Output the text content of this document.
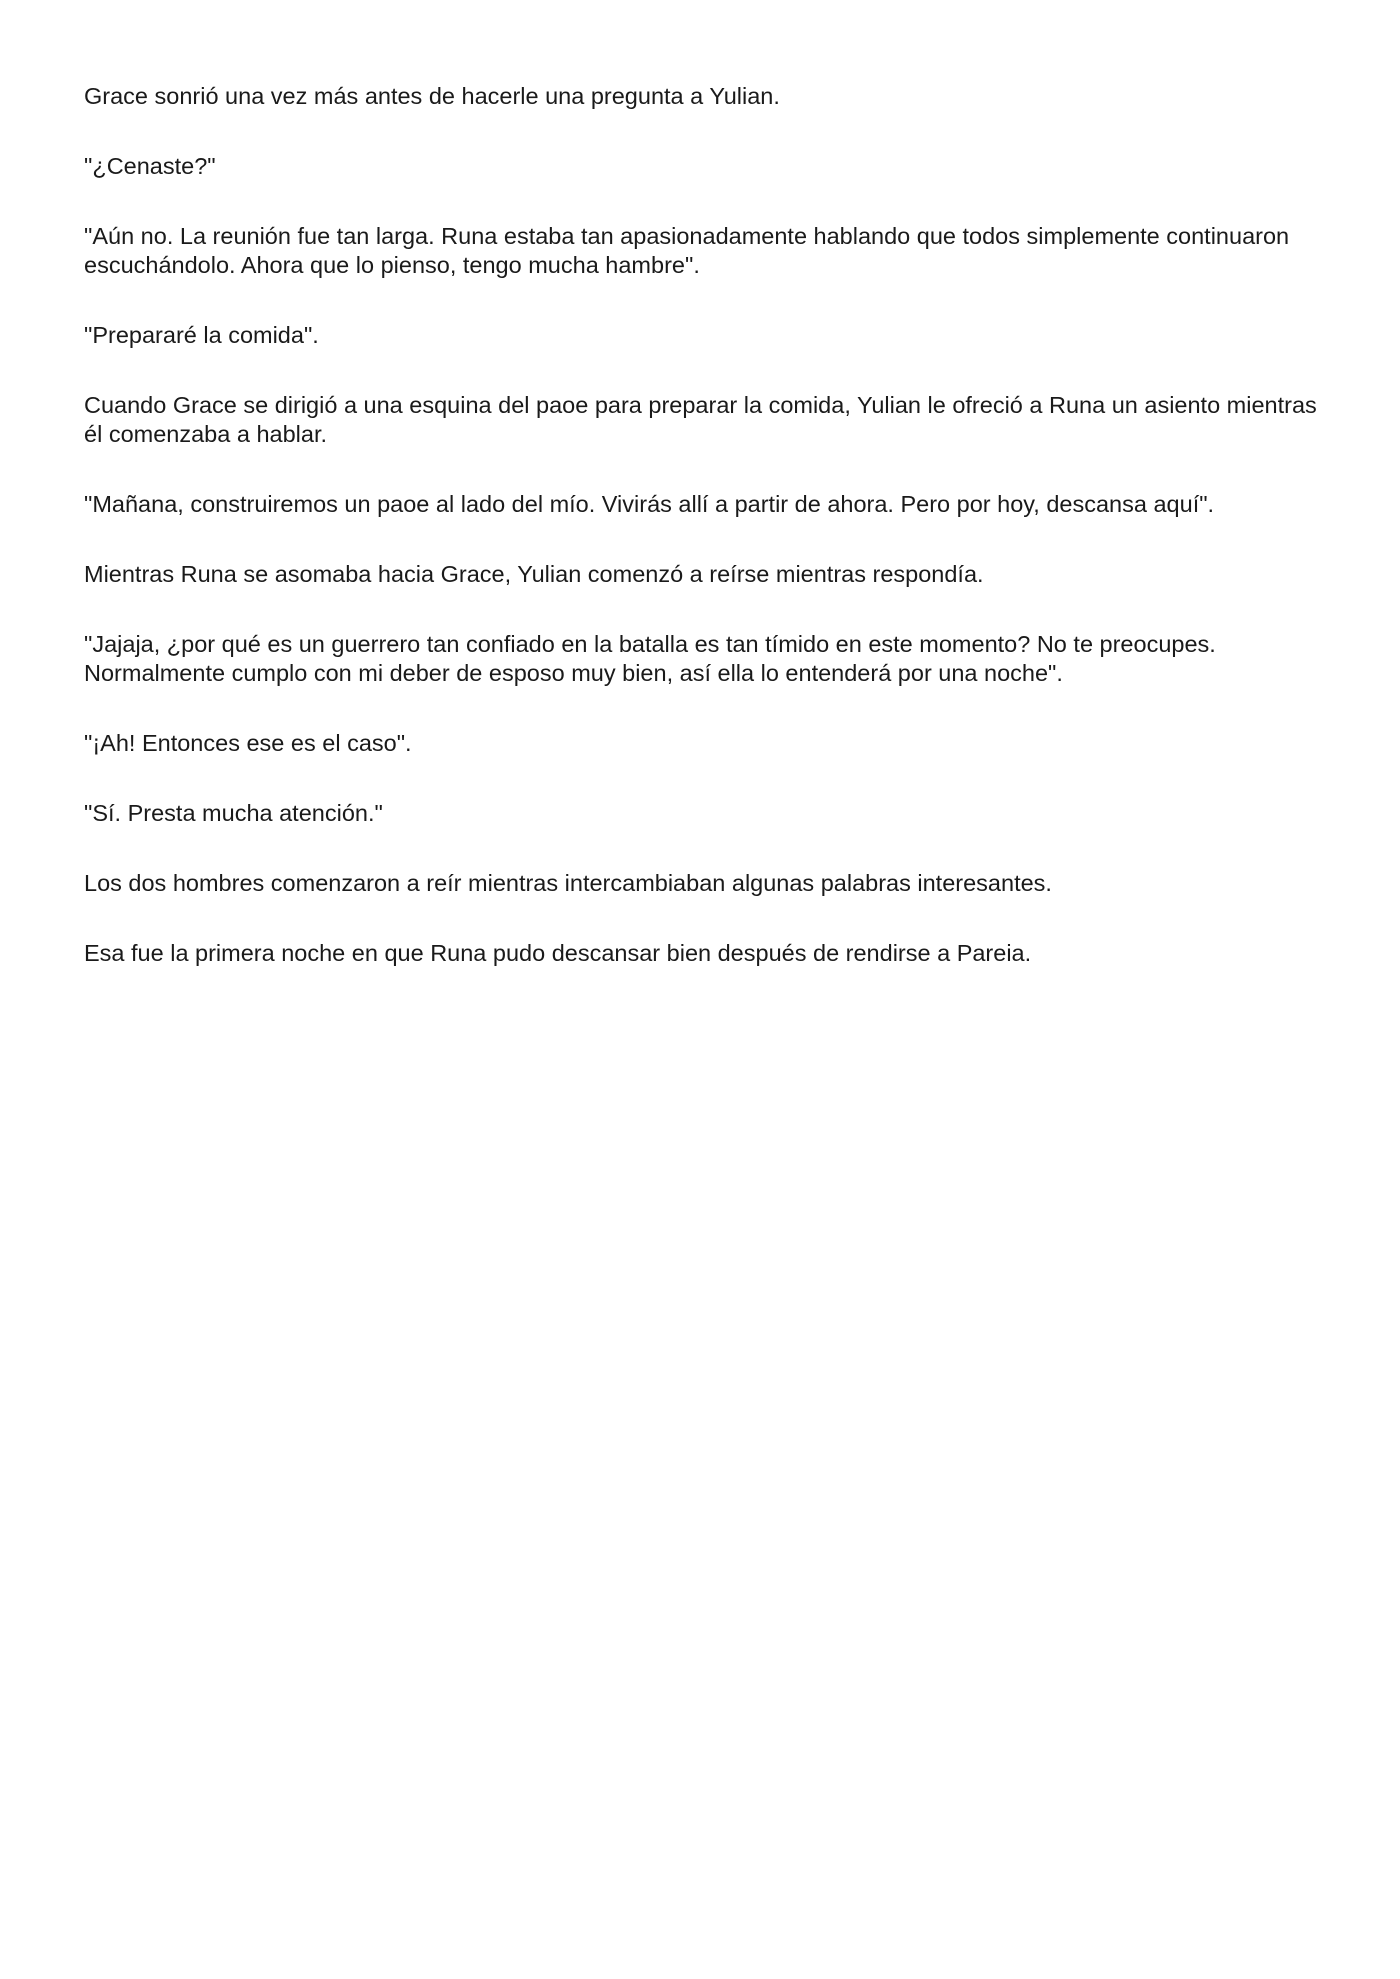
Grace sonrió una vez más antes de hacerle una pregunta a Yulian.

"¿Cenaste?"

"Aún no. La reunión fue tan larga. Runa estaba tan apasionadamente hablando que todos simplemente continuaron escuchándolo. Ahora que lo pienso, tengo mucha hambre".

"Prepararé la comida".

Cuando Grace se dirigió a una esquina del paoe para preparar la comida, Yulian le ofreció a Runa un asiento mientras él comenzaba a hablar.

"Mañana, construiremos un paoe al lado del mío. Vivirás allí a partir de ahora. Pero por hoy, descansa aquí".

Mientras Runa se asomaba hacia Grace, Yulian comenzó a reírse mientras respondía.

"Jajaja, ¿por qué es un guerrero tan confiado en la batalla es tan tímido en este momento? No te preocupes. Normalmente cumplo con mi deber de esposo muy bien, así ella lo entenderá por una noche".

"¡Ah! Entonces ese es el caso".

"Sí. Presta mucha atención."

Los dos hombres comenzaron a reír mientras intercambiaban algunas palabras interesantes.

Esa fue la primera noche en que Runa pudo descansar bien después de rendirse a Pareia.
